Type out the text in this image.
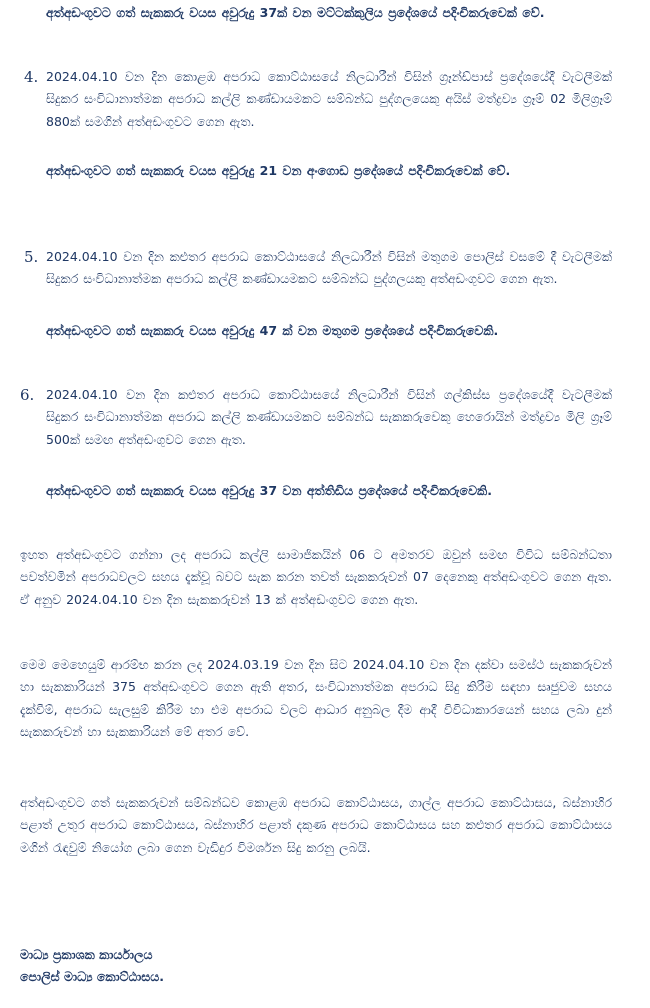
අත්අඩංගුවට ගත් සැකකරු වයස අවුරුදු 37ක් වන මට්ටක්කුලිය ප්‍රදේශයේ පදිංචිකරුවෙක් වේ.

4. 2024.04.10 වන දින කොළඹ අපරාධ කොට්ඨාසයේ නිලධාරීන් විසින් ග්‍රෑන්ඩ්පාස් ප්‍රදේශයේදී වැටලීමක් සිදුකර සංවිධානාත්මක අපරාධ කල්ලි කණ්ඩායමකට සම්බන්ධ පුද්ගලයෙකු අයිස් මත්ද්‍රව්‍ය ග්‍රෑම් 02 මිලිග්‍රෑම් 880ක් සමගින් අත්අඩංගුවට ගෙන ඇත.

අත්අඩංගුවට ගත් සැකකරු වයස අවුරුදු 21 වන අංගොඩ ප්‍රදේශයේ පදිංචිකරුවෙක් වේ.

5. 2024.04.10 වන දින කළුතර අපරාධ කොට්ඨාසයේ නිලධාරීන් විසින් මතුගම පොලිස් වසමේ දී වැටලීමක් සිදුකර සංවිධානාත්මක අපරාධ කල්ලි කණ්ඩායමකට සම්බන්ධ පුද්ගලයකු අත්අඩංගුවට ගෙන ඇත.

අත්අඩංගුවට ගත් සැකකරු වයස අවුරුදු 47 ක් වන මතුගම ප්‍රදේශයේ පදිංචිකරුවෙකි.

6. 2024.04.10 වන දින කළුතර අපරාධ කොට්ඨාසයේ නිලධාරීන් විසින් ගල්කිස්ස ප්‍රදේශයේදී වැටලීමක් සිදුකර සංවිධානාත්මක අපරාධ කල්ලි කණ්ඩායමකට සම්බන්ධ සැකකරුවෙකු හෙරොයින් මත්ද්‍රව්‍ය මිලි ග්‍රෑම් 500ක් සමඟ අත්අඩංගුවට ගෙන ඇත.

අත්අඩංගුවට ගත් සැකකරු වයස අවුරුදු 37 වන අත්තිඩිය ප්‍රදේශයේ පදිංචිකරුවෙකි.

ඉහත අත්අඩංගුවට ගන්නා ලද අපරාධ කල්ලි සාමාජිකයින් 06 ට අමතරව ඔවුන් සමඟ විවිධ සම්බන්ධතා පවත්වමින් අපරාධවලට සහය දැක්වූ බවට සැක කරන තවත් සැකකරුවන් 07 දෙනෙකු අත්අඩංගුවට ගෙන ඇත. ඒ අනුව 2024.04.10 වන දින සැකකරුවන් 13 ක් අත්අඩංගුවට ගෙන ඇත.

මෙම මෙහෙයුම් ආරම්භ කරන ලද 2024.03.19 වන දින සිට 2024.04.10 වන දින දක්වා සමස්ථ සැකකරුවන් හා සැකකාරියන් 375 අත්අඩංගුවට ගෙන ඇති අතර, සංවිධානාත්මක අපරාධ සිදු කිරීම සඳහා සෘජුවම සහය දැක්වීම්, අපරාධ සැලසුම් කිරීම හා එම අපරාධ වලට ආධාර අනුබල දීම ආදී විවිධාකාරයෙන් සහය ලබා දුන් සැකකරුවන් හා සැකකාරියන් මේ අතර වේ.

අත්අඩංගුවට ගත් සැකකරුවන් සම්බන්ධව කොළඹ අපරාධ කොට්ඨාසය, ගාල්ල අපරාධ කොට්ඨාසය, බස්නාහිර පළාත් උතුර අපරාධ කොට්ඨාසය, බස්නාහිර පළාත් දකුණ අපරාධ කොට්ඨාසය සහ කළුතර අපරාධ කොට්ඨාසය මගින් රැඳවුම් නියෝග ලබා ගෙන වැඩිදුර විමර්ශන සිදු කරනු ලබයි.

මාධ්‍ය ප්‍රකාශක කාර්යාලය
පොලිස් මාධ්‍ය කොට්ඨාසය.
